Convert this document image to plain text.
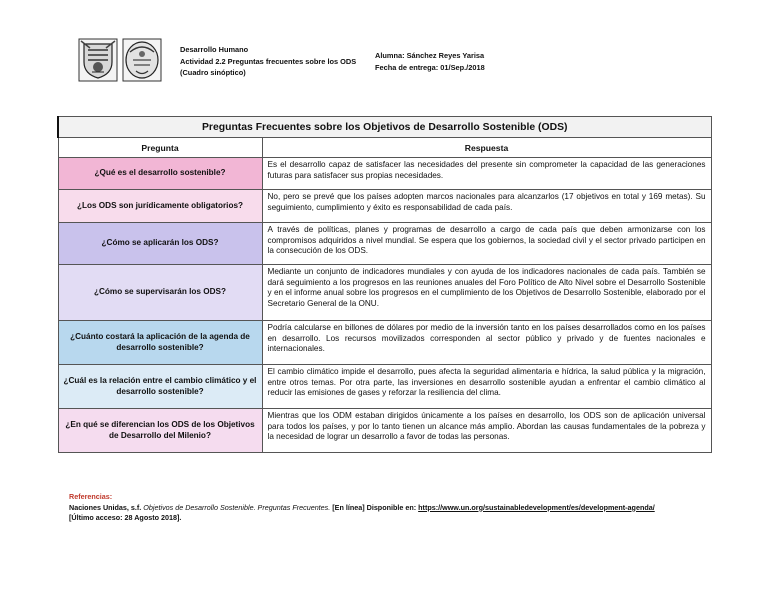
Desarrollo Humano
Actividad 2.2 Preguntas frecuentes sobre los ODS
(Cuadro sinóptico)
Alumna: Sánchez Reyes Yarisa
Fecha de entrega: 01/Sep./2018
Preguntas Frecuentes sobre los Objetivos de Desarrollo Sostenible (ODS)	
Pregunta	Respuesta
¿Qué es el desarrollo sostenible?	Es el desarrollo capaz de satisfacer las necesidades del presente sin comprometer la capacidad de las generaciones futuras para satisfacer sus propias necesidades.
¿Los ODS son jurídicamente obligatorios?	No, pero se prevé que los países adopten marcos nacionales para alcanzarlos (17 objetivos en total y 169 metas). Su seguimiento, cumplimiento y éxito es responsabilidad de cada país.
¿Cómo se aplicarán los ODS?	A través de políticas, planes y programas de desarrollo a cargo de cada país que deben armonizarse con los compromisos adquiridos a nivel mundial. Se espera que los gobiernos, la sociedad civil y el sector privado participen en la consecución de los ODS.
¿Cómo se supervisarán los ODS?	Mediante un conjunto de indicadores mundiales y con ayuda de los indicadores nacionales de cada país. También se dará seguimiento a los progresos en las reuniones anuales del Foro Político de Alto Nivel sobre el Desarrollo Sostenible y en el informe anual sobre los progresos en el cumplimiento de los Objetivos de Desarrollo Sostenible, elaborado por el Secretario General de la ONU.
¿Cuánto costará la aplicación de la agenda de desarrollo sostenible?	Podría calcularse en billones de dólares por medio de la inversión tanto en los países desarrollados como en los países en desarrollo. Los recursos movilizados corresponden al sector público y privado y de fuentes nacionales e internacionales.
¿Cuál es la relación entre el cambio climático y el desarrollo sostenible?	El cambio climático impide el desarrollo, pues afecta la seguridad alimentaria e hídrica, la salud pública y la migración, entre otros temas. Por otra parte, las inversiones en desarrollo sostenible ayudan a enfrentar el cambio climático al reducir las emisiones de gases y reforzar la resiliencia del clima.
¿En qué se diferencian los ODS de los Objetivos de Desarrollo del Milenio?	Mientras que los ODM estaban dirigidos únicamente a los países en desarrollo, los ODS son de aplicación universal para todos los países, y por lo tanto tienen un alcance más amplio. Abordan las causas fundamentales de la pobreza y la necesidad de lograr un desarrollo a favor de todas las personas.
Referencias:
Naciones Unidas, s.f. Objetivos de Desarrollo Sostenible. Preguntas Frecuentes. [En línea] Disponible en: https://www.un.org/sustainabledevelopment/es/development-agenda/
[Último acceso: 28 Agosto 2018].
